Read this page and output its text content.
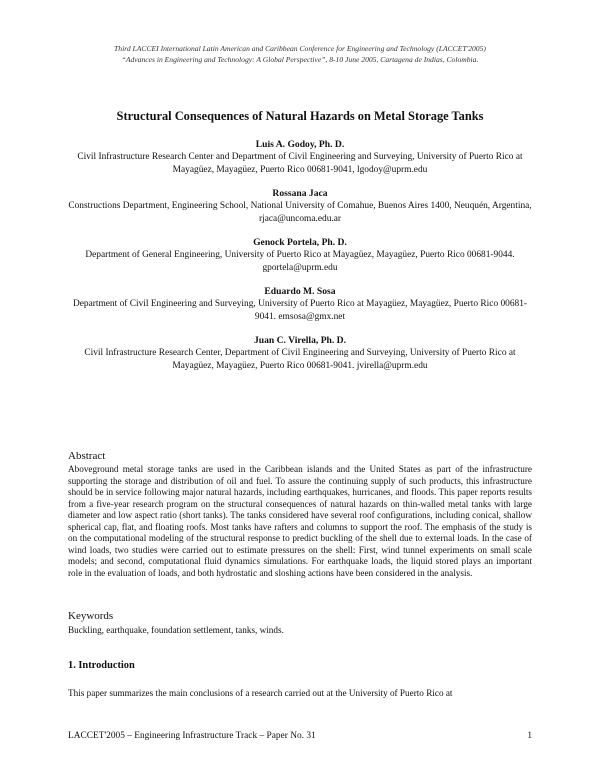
Third LACCEI International Latin American and Caribbean Conference for Engineering and Technology (LACCET'2005)
“Advances in Engineering and Technology: A Global Perspective”, 8-10 June 2005, Cartagena de Indias, Colombia.
Structural Consequences of Natural Hazards on Metal Storage Tanks
Luis A. Godoy, Ph. D.
Civil Infrastructure Research Center and Department of Civil Engineering and Surveying, University of Puerto Rico at Mayagüez, Mayagüez, Puerto Rico 00681-9041, lgodoy@uprm.edu
Rossana Jaca
Constructions Department, Engineering School, National University of Comahue, Buenos Aires 1400, Neuquén, Argentina, rjaca@uncoma.edu.ar
Genock Portela, Ph. D.
Department of General Engineering, University of Puerto Rico at Mayagüez, Mayagüez, Puerto Rico 00681-9044. gportela@uprm.edu
Eduardo M. Sosa
Department of Civil Engineering and Surveying, University of Puerto Rico at Mayagüez, Mayagüez, Puerto Rico 00681-9041. emsosa@gmx.net
Juan C. Virella, Ph. D.
Civil Infrastructure Research Center, Department of Civil Engineering and Surveying, University of Puerto Rico at Mayagüez, Mayagüez, Puerto Rico 00681-9041. jvirella@uprm.edu
Abstract
Aboveground metal storage tanks are used in the Caribbean islands and the United States as part of the infrastructure supporting the storage and distribution of oil and fuel. To assure the continuing supply of such products, this infrastructure should be in service following major natural hazards, including earthquakes, hurricanes, and floods. This paper reports results from a five-year research program on the structural consequences of natural hazards on thin-walled metal tanks with large diameter and low aspect ratio (short tanks). The tanks considered have several roof configurations, including conical, shallow spherical cap, flat, and floating roofs. Most tanks have rafters and columns to support the roof. The emphasis of the study is on the computational modeling of the structural response to predict buckling of the shell due to external loads. In the case of wind loads, two studies were carried out to estimate pressures on the shell: First, wind tunnel experiments on small scale models; and second, computational fluid dynamics simulations. For earthquake loads, the liquid stored plays an important role in the evaluation of loads, and both hydrostatic and sloshing actions have been considered in the analysis.
Keywords
Buckling, earthquake, foundation settlement, tanks, winds.
1. Introduction
This paper summarizes the main conclusions of a research carried out at the University of Puerto Rico at
LACCET'2005 – Engineering Infrastructure Track – Paper No. 31	1
